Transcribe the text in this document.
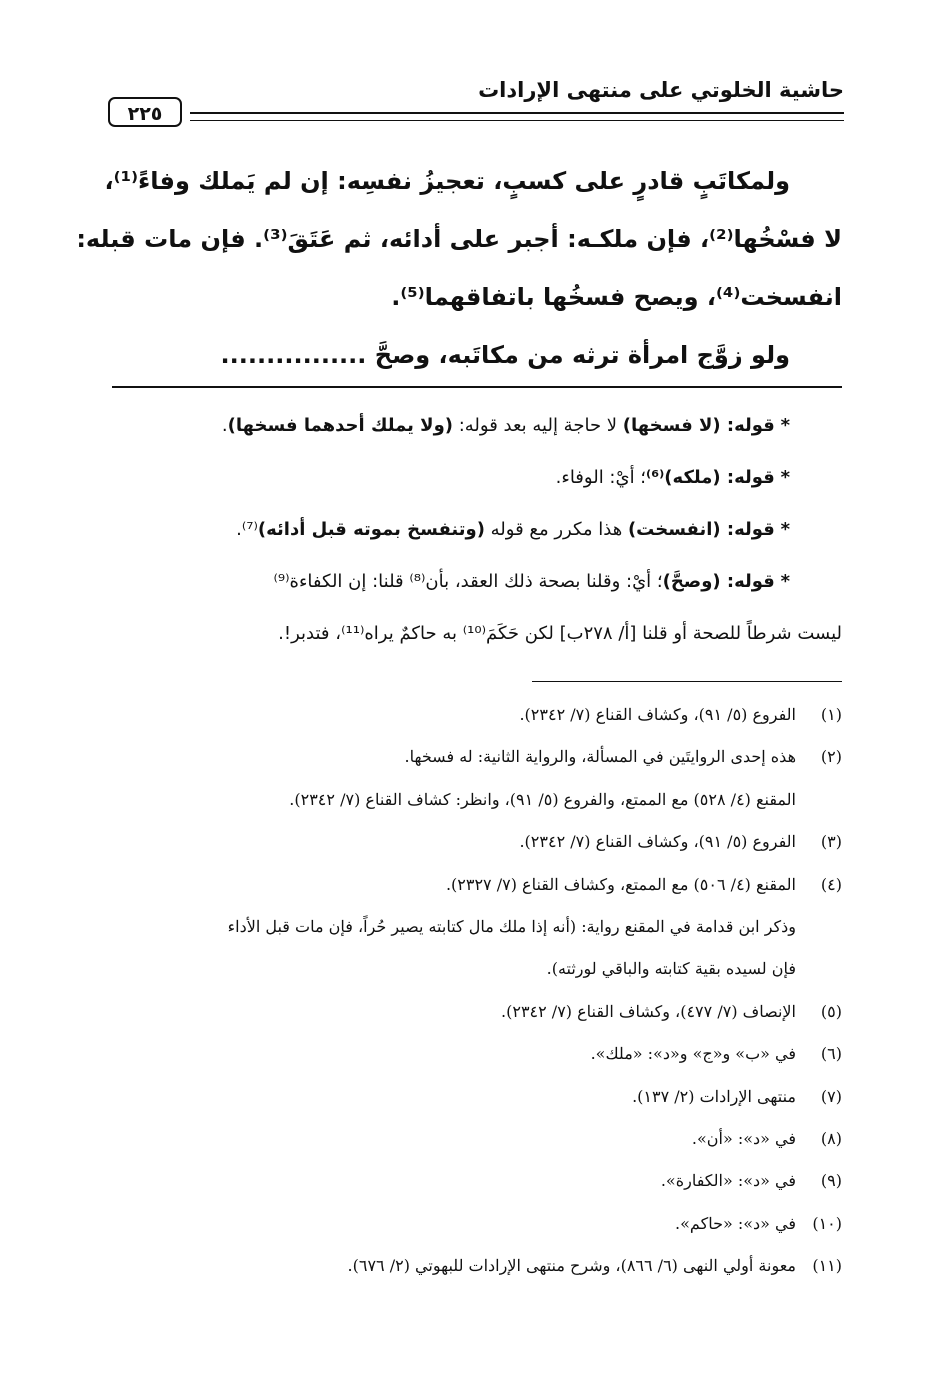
حاشية الخلوتي على منتهى الإرادات
٢٢٥
ولمكاتَبٍ قادرٍ على كسبٍ، تعجيزُ نفسِه: إن لم يَملك وفاءً⁽¹⁾،
لا فسْخُها⁽²⁾، فإن ملكـه: أجبر على أدائه، ثم عَتَقَ⁽³⁾. فإن مات قبله:
انفسخت⁽⁴⁾، ويصح فسخُها باتفاقهما⁽⁵⁾.
ولو زوَّج امرأة ترثه من مكاتَبه، وصحَّ ................
* قوله: (لا فسخها) لا حاجة إليه بعد قوله: (ولا يملك أحدهما فسخها).
* قوله: (ملكه)⁽⁶⁾؛ أيْ: الوفاء.
* قوله: (انفسخت) هذا مكرر مع قوله (وتنفسخ بموته قبل أدائه)⁽⁷⁾.
* قوله: (وصحَّ)؛ أيْ: وقلنا بصحة ذلك العقد، بأن⁽⁸⁾ قلنا: إن الكفاءة⁽⁹⁾
ليست شرطاً للصحة أو قلنا [أ/ ٢٧٨ب] لكن حَكَمَ⁽¹⁰⁾ به حاكمٌ يراه⁽¹¹⁾، فتدبر!.
(١)الفروع (٥/ ٩١)، وكشاف القناع (٧/ ٢٣٤٢).
(٢)هذه إحدى الروايتَين في المسألة، والرواية الثانية: له فسخها.
المقنع (٤/ ٥٢٨) مع الممتع، والفروع (٥/ ٩١)، وانظر: كشاف القناع (٧/ ٢٣٤٢).
(٣)الفروع (٥/ ٩١)، وكشاف القناع (٧/ ٢٣٤٢).
(٤)المقنع (٤/ ٥٠٦) مع الممتع، وكشاف القناع (٧/ ٢٣٢٧).
وذكر ابن قدامة في المقنع رواية: (أنه إذا ملك مال كتابته يصير حُراً، فإن مات قبل الأداء
فإن لسيده بقية كتابته والباقي لورثته).
(٥)الإنصاف (٧/ ٤٧٧)، وكشاف القناع (٧/ ٢٣٤٢).
(٦)في «ب» و«ج» و«د»: «ملك».
(٧)منتهى الإرادات (٢/ ١٣٧).
(٨)في «د»: «أن».
(٩)في «د»: «الكفارة».
(١٠)في «د»: «حاكم».
(١١)معونة أولي النهى (٦/ ٨٦٦)، وشرح منتهى الإرادات للبهوتي (٢/ ٦٧٦).
